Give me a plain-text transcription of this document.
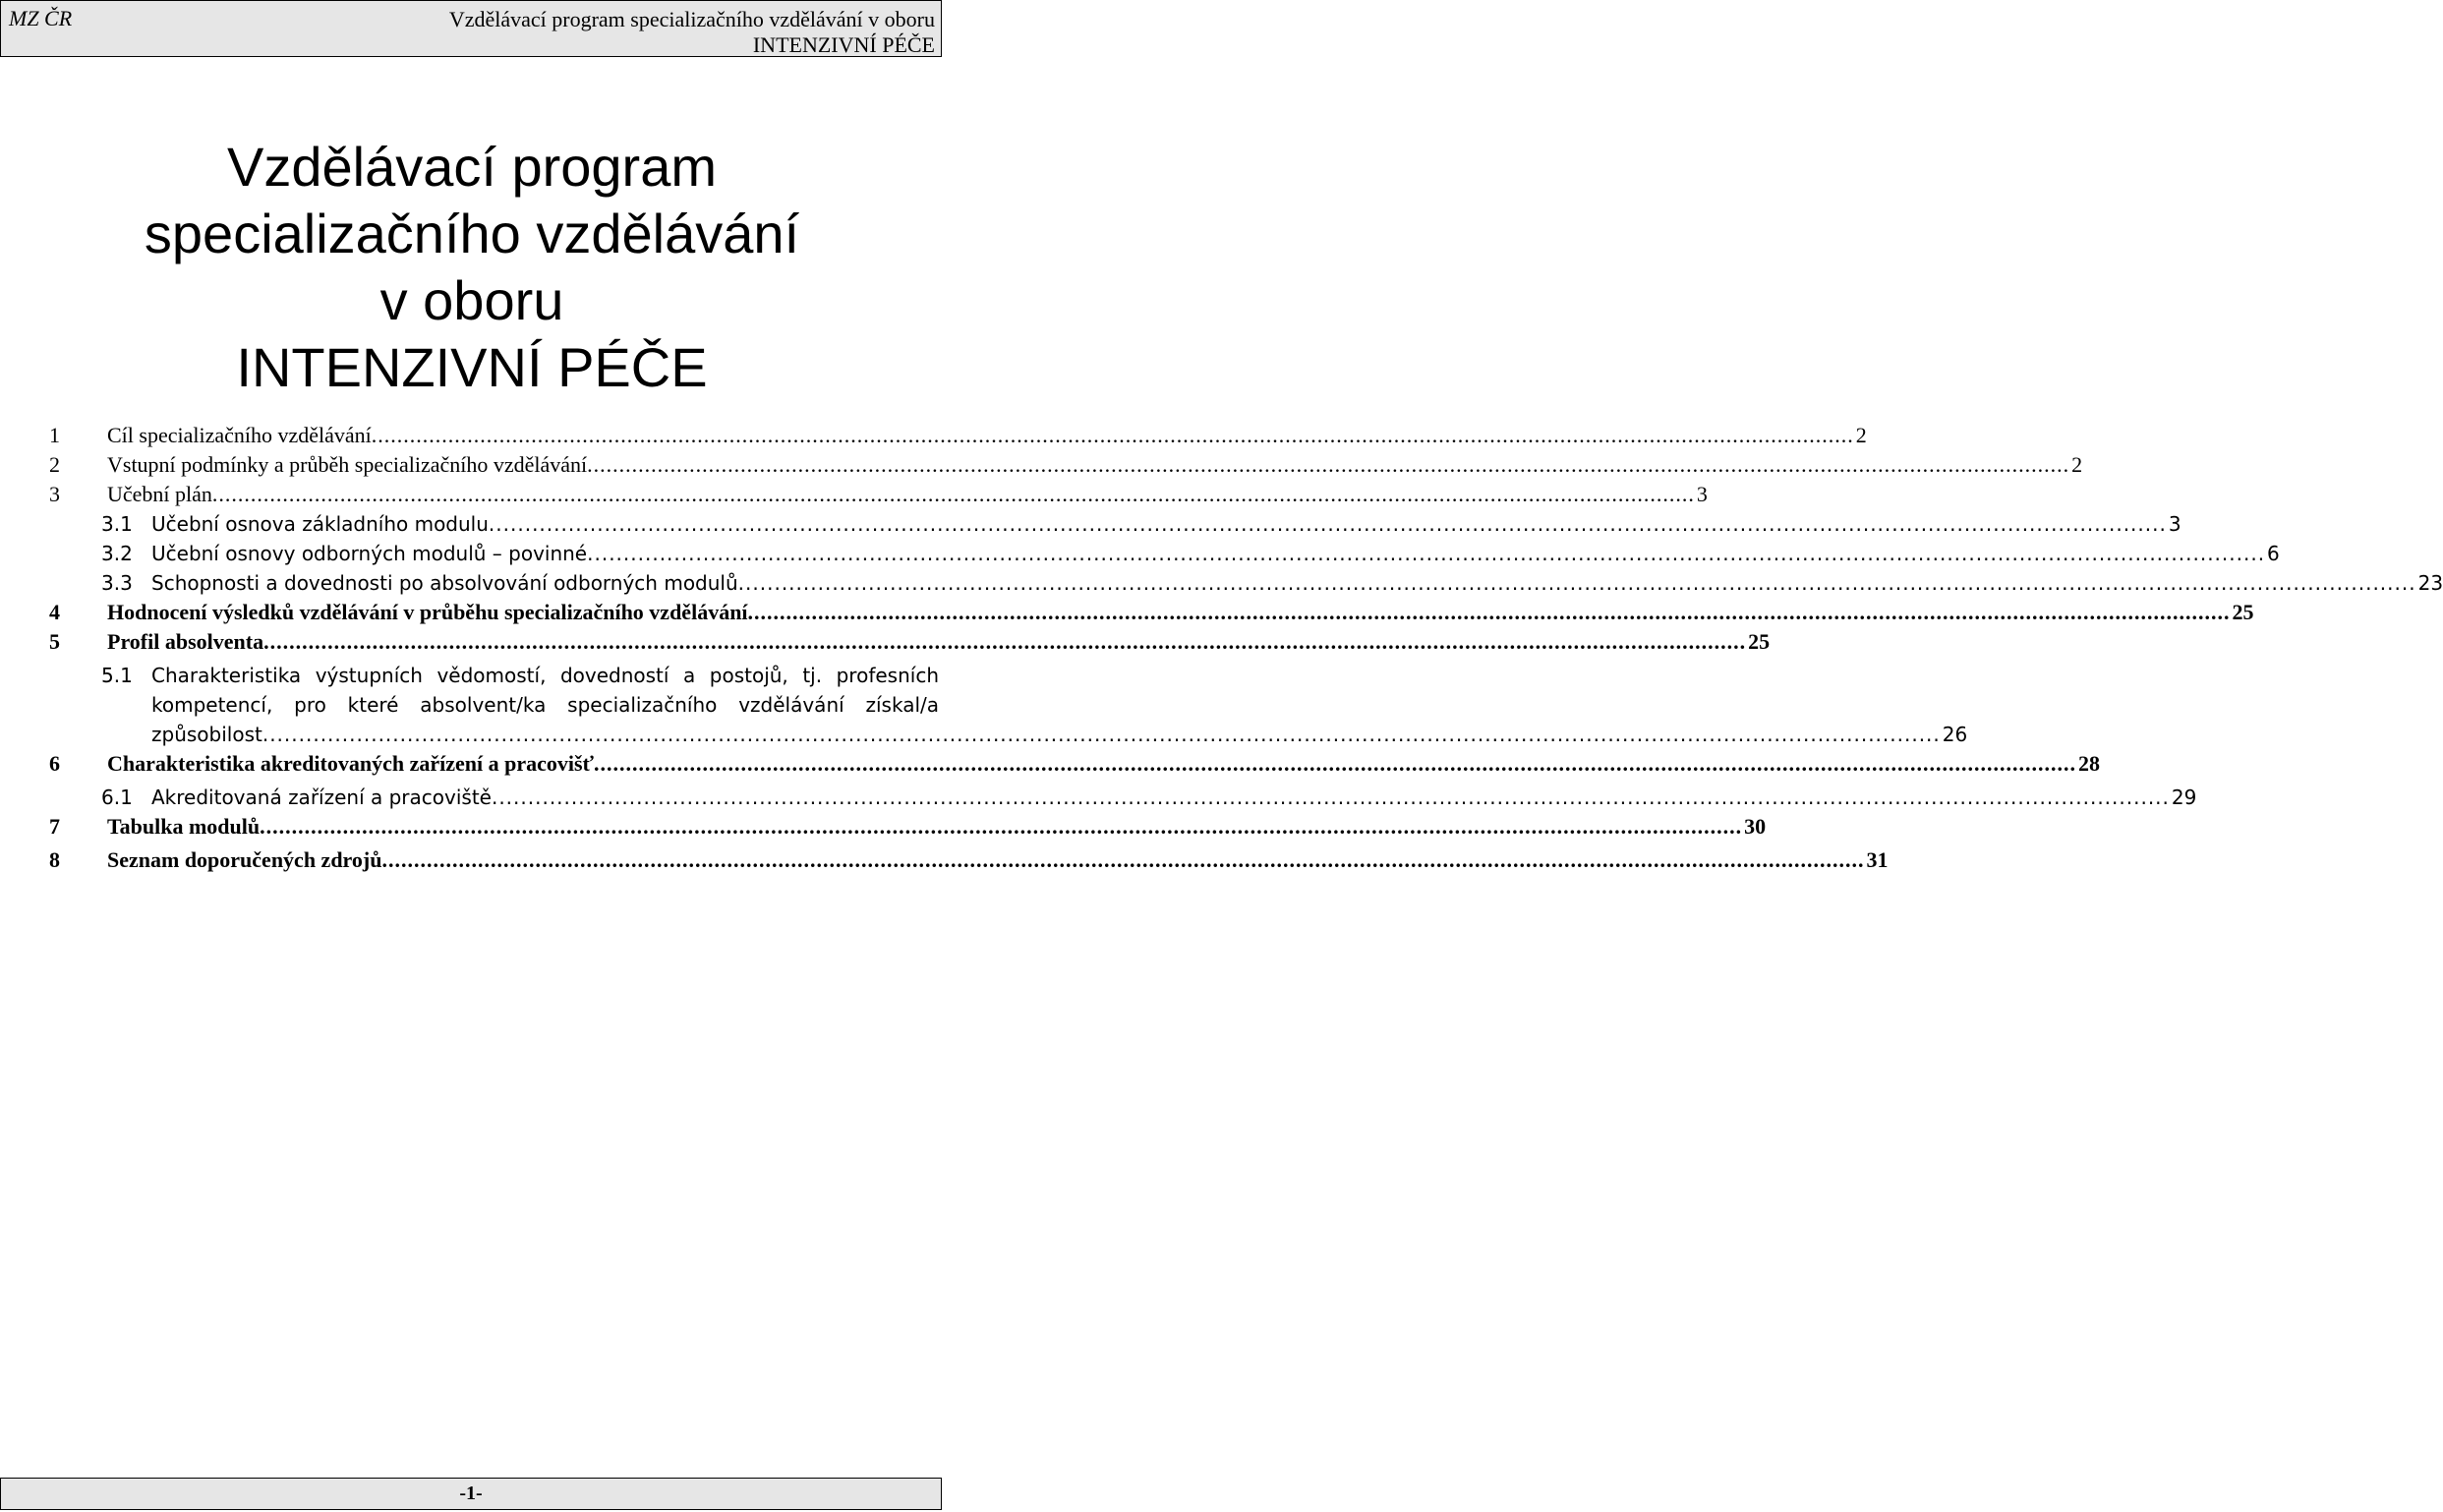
MZ ČR	Vzdělávací program specializačního vzdělávání v oboru
INTENZIVNÍ PÉČE
Vzdělávací program
specializačního vzdělávání
v oboru
INTENZIVNÍ PÉČE
1 Cíl specializačního vzdělávání ........................................................................................................................................................................................................................................ 2
2 Vstupní podmínky a průběh specializačního vzdělávání ........................................................................................................................................................................................................................................ 2
3 Učební plán ........................................................................................................................................................................................................................................ 3
3.1 Učební osnova základního modulu ........................................................................................................................................................................................................................................ 3
3.2 Učební osnovy odborných modulů – povinné ........................................................................................................................................................................................................................................ 6
3.3 Schopnosti a dovednosti po absolvování odborných modulů ........................................................................................................................................................................................................................................ 23
4 Hodnocení výsledků vzdělávání v průběhu specializačního vzdělávání ........................................................................................................................................................................................................................................ 25
5 Profil absolventa ........................................................................................................................................................................................................................................ 25
5.1 Charakteristika výstupních vědomostí, dovedností a postojů, tj. profesních
kompetencí, pro které absolvent/ka specializačního vzdělávání získal/a
způsobilost ........................................................................................................................................................................................................................................ 26
6 Charakteristika akreditovaných zařízení a pracovišť ........................................................................................................................................................................................................................................ 28
6.1 Akreditovaná zařízení a pracoviště ........................................................................................................................................................................................................................................ 29
7 Tabulka modulů ........................................................................................................................................................................................................................................ 30
8 Seznam doporučených zdrojů ........................................................................................................................................................................................................................................ 31
-1-
